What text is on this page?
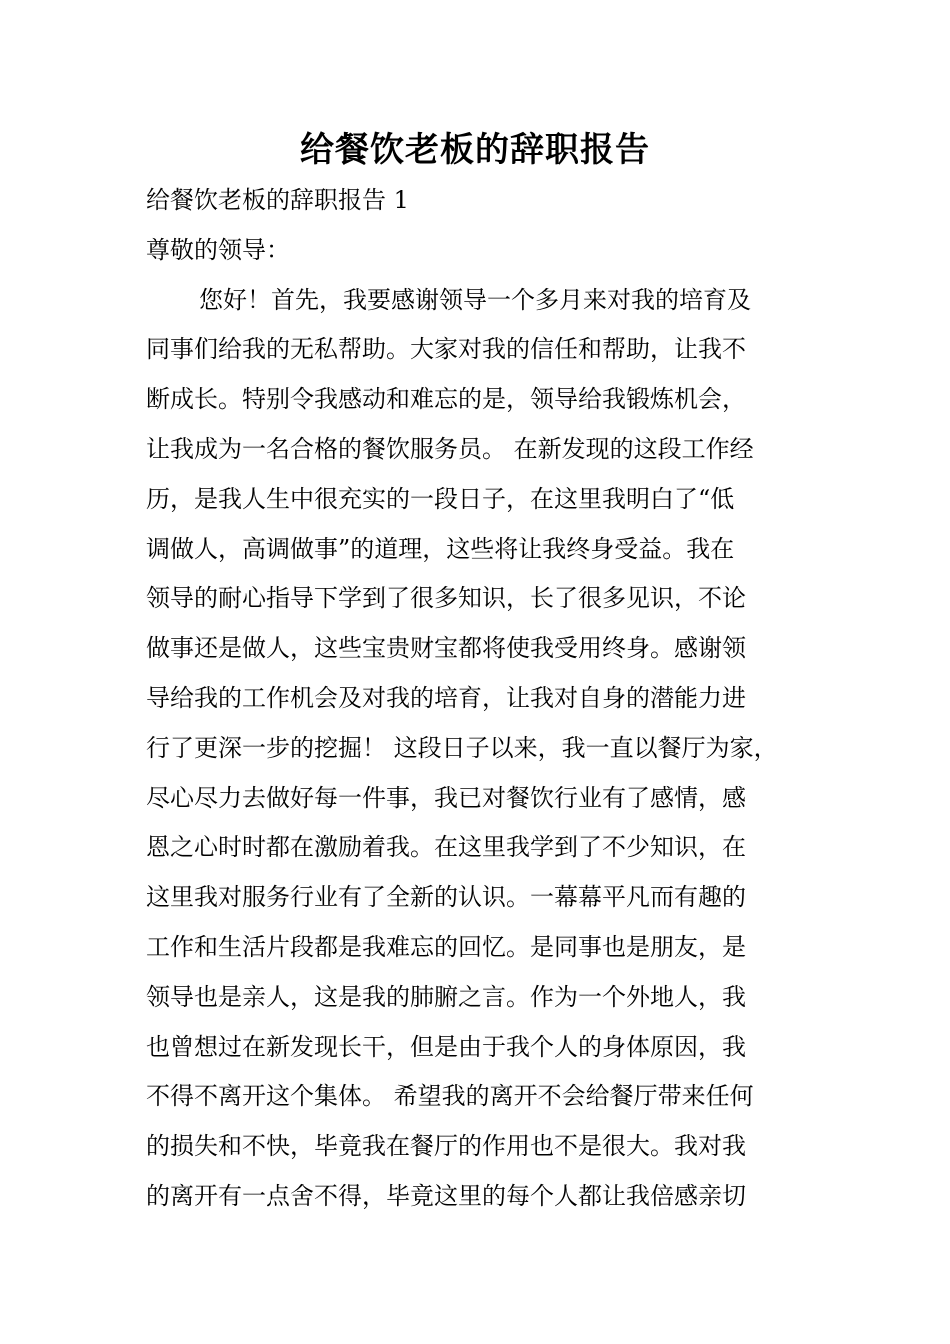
给餐饮老板的辞职报告
给餐饮老板的辞职报告 1
尊敬的领导：
您好！首先，我要感谢领导一个多月来对我的培育及
同事们给我的无私帮助。大家对我的信任和帮助，让我不
断成长。特别令我感动和难忘的是，领导给我锻炼机会，
让我成为一名合格的餐饮服务员。 在新发现的这段工作经
历，是我人生中很充实的一段日子，在这里我明白了“低
调做人，高调做事”的道理，这些将让我终身受益。我在
领导的耐心指导下学到了很多知识，长了很多见识，不论
做事还是做人，这些宝贵财宝都将使我受用终身。感谢领
导给我的工作机会及对我的培育，让我对自身的潜能力进
行了更深一步的挖掘！ 这段日子以来，我一直以餐厅为家，
尽心尽力去做好每一件事，我已对餐饮行业有了感情，感
恩之心时时都在激励着我。在这里我学到了不少知识，在
这里我对服务行业有了全新的认识。一幕幕平凡而有趣的
工作和生活片段都是我难忘的回忆。是同事也是朋友，是
领导也是亲人，这是我的肺腑之言。作为一个外地人，我
也曾想过在新发现长干，但是由于我个人的身体原因，我
不得不离开这个集体。 希望我的离开不会给餐厅带来任何
的损失和不快，毕竟我在餐厅的作用也不是很大。我对我
的离开有一点舍不得，毕竟这里的每个人都让我倍感亲切
